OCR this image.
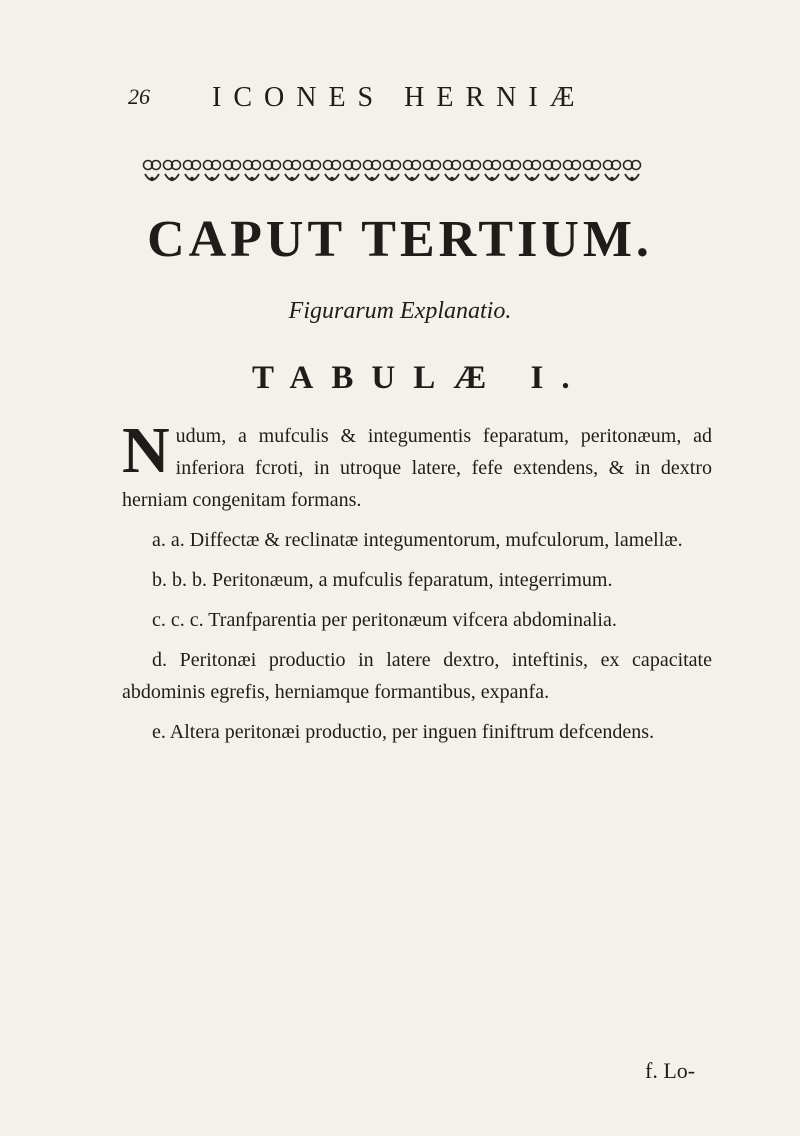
26 ICONES HERNIÆ
CAPUT TERTIUM.
Figurarum Explanatio.
TABULÆ I.

Nudum, a mufculis & integumentis feparatum, peritonæum, ad inferiora fcroti, in utroque latere, fefe extendens, & in dextro herniam congenitam formans.

a. a. Diffectæ & reclinatæ integumentorum, mufculorum, lamellæ.

b. b. b. Peritonæum, a mufculis feparatum, integerrimum.

c. c. c. Tranfparentia per peritonæum vifcera abdominalia.

d. Peritonæi productio in latere dextro, inteftinis, ex capacitate abdominis egrefis, herniamque formantibus, expanfa.

e. Altera peritonæi productio, per inguen finiftrum defcendens.

f. Lo-
